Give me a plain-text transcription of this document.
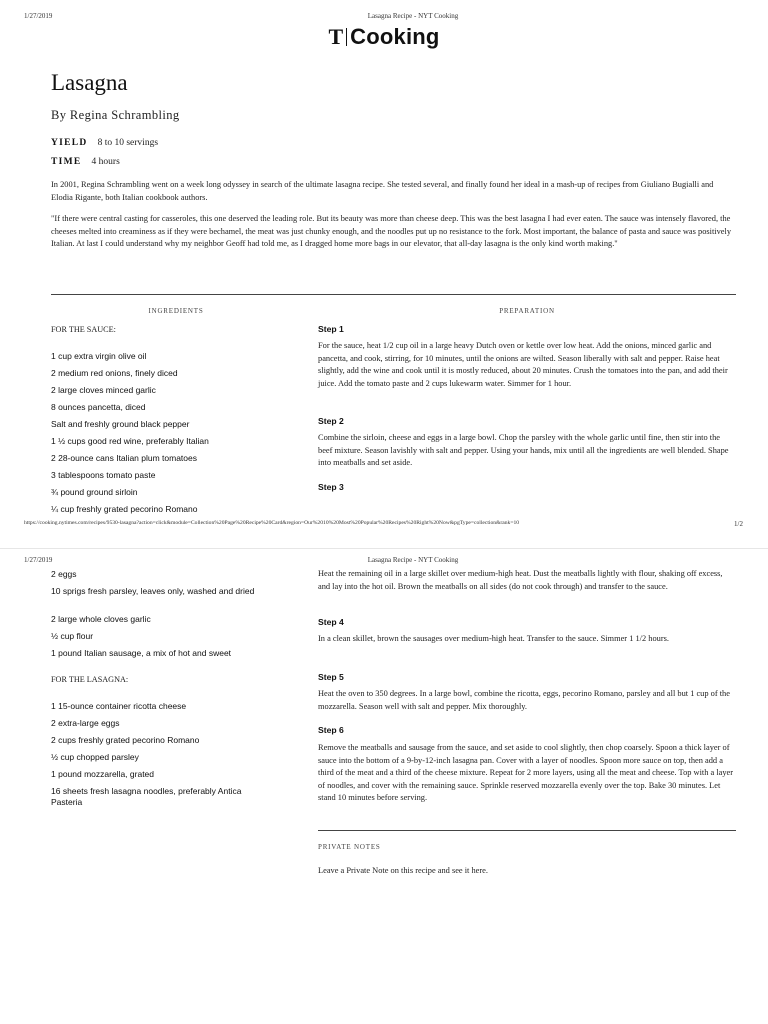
1/27/2019	Lasagna Recipe - NYT Cooking
T Cooking
Lasagna
By Regina Schrambling
YIELD 8 to 10 servings
TIME 4 hours
In 2001, Regina Schrambling went on a week long odyssey in search of the ultimate lasagna recipe. She tested several, and finally found her ideal in a mash-up of recipes from Giuliano Bugialli and Elodia Rigante, both Italian cookbook authors.
"If there were central casting for casseroles, this one deserved the leading role. But its beauty was more than cheese deep. This was the best lasagna I had ever eaten. The sauce was intensely flavored, the cheeses melted into creaminess as if they were bechamel, the meat was just chunky enough, and the noodles put up no resistance to the fork. Most important, the balance of pasta and sauce was positively Italian. At last I could understand why my neighbor Geoff had told me, as I dragged home more bags in our elevator, that all-day lasagna is the only kind worth making."
INGREDIENTS	PREPARATION
FOR THE SAUCE:
1 cup extra virgin olive oil
2 medium red onions, finely diced
2 large cloves minced garlic
8 ounces pancetta, diced
Salt and freshly ground black pepper
1 ½ cups good red wine, preferably Italian
2 28-ounce cans Italian plum tomatoes
3 tablespoons tomato paste
¾ pound ground sirloin
¼ cup freshly grated pecorino Romano
Step 1
For the sauce, heat 1/2 cup oil in a large heavy Dutch oven or kettle over low heat. Add the onions, minced garlic and pancetta, and cook, stirring, for 10 minutes, until the onions are wilted. Season liberally with salt and pepper. Raise heat slightly, add the wine and cook until it is mostly reduced, about 20 minutes. Crush the tomatoes into the pan, and add their juice. Add the tomato paste and 2 cups lukewarm water. Simmer for 1 hour.
Step 2
Combine the sirloin, cheese and eggs in a large bowl. Chop the parsley with the whole garlic until fine, then stir into the beef mixture. Season lavishly with salt and pepper. Using your hands, mix until all the ingredients are well blended. Shape into meatballs and set aside.
Step 3
https://cooking.nytimes.com/recipes/9530-lasagna?action=click&module=Collection%20Page%20Recipe%20Card&region=Our%2010%20Most%20Popular%20Recipes%20Right%20Now&pgType=collection&rank=10	1/2
1/27/2019	Lasagna Recipe - NYT Cooking
2 eggs
10 sprigs fresh parsley, leaves only, washed and dried
2 large whole cloves garlic
½ cup flour
1 pound Italian sausage, a mix of hot and sweet
FOR THE LASAGNA:
1 15-ounce container ricotta cheese
2 extra-large eggs
2 cups freshly grated pecorino Romano
½ cup chopped parsley
1 pound mozzarella, grated
16 sheets fresh lasagna noodles, preferably Antica Pasteria
Heat the remaining oil in a large skillet over medium-high heat. Dust the meatballs lightly with flour, shaking off excess, and lay into the hot oil. Brown the meatballs on all sides (do not cook through) and transfer to the sauce.
Step 4
In a clean skillet, brown the sausages over medium-high heat. Transfer to the sauce. Simmer 1 1/2 hours.
Step 5
Heat the oven to 350 degrees. In a large bowl, combine the ricotta, eggs, pecorino Romano, parsley and all but 1 cup of the mozzarella. Season well with salt and pepper. Mix thoroughly.
Step 6
Remove the meatballs and sausage from the sauce, and set aside to cool slightly, then chop coarsely. Spoon a thick layer of sauce into the bottom of a 9-by-12-inch lasagna pan. Cover with a layer of noodles. Spoon more sauce on top, then add a third of the meat and a third of the cheese mixture. Repeat for 2 more layers, using all the meat and cheese. Top with a layer of noodles, and cover with the remaining sauce. Sprinkle reserved mozzarella evenly over the top. Bake 30 minutes. Let stand 10 minutes before serving.
PRIVATE NOTES
Leave a Private Note on this recipe and see it here.
